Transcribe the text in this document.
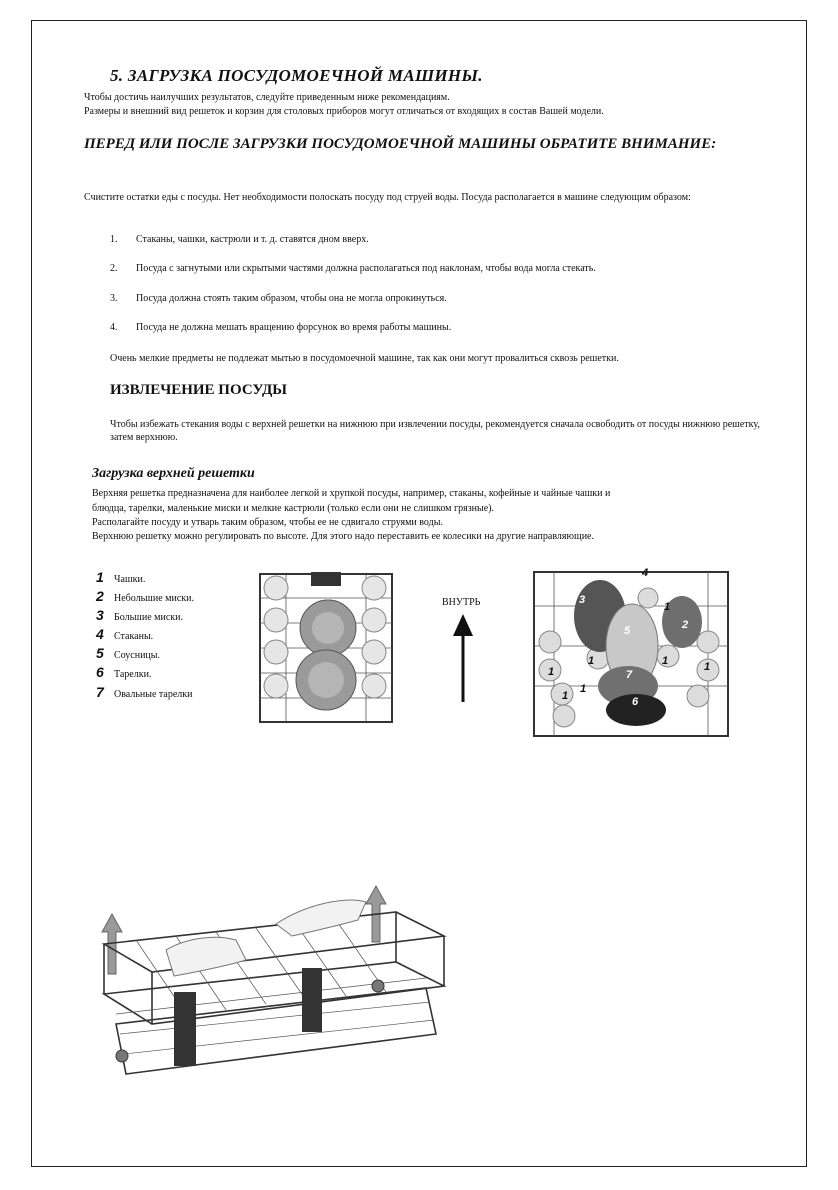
5. ЗАГРУЗКА ПОСУДОМОЕЧНОЙ МАШИНЫ.

Чтобы достичь наилучших результатов, следуйте приведенным ниже рекомендациям.

Размеры и внешний вид решеток и корзин для столовых приборов могут отличаться от входящих в состав Вашей модели.

ПЕРЕД ИЛИ ПОСЛЕ ЗАГРУЗКИ ПОСУДОМОЕЧНОЙ МАШИНЫ ОБРАТИТЕ ВНИМАНИЕ:

Счистите остатки еды с посуды. Нет необходимости полоскать посуду под струей воды. Посуда располагается в машине следующим образом:

1. Стаканы, чашки, кастрюли и т. д. ставятся дном вверх.
2. Посуда с загнутыми или скрытыми частями должна располагаться под наклонам, чтобы вода могла стекать.
3. Посуда должна стоять таким образом, чтобы она не могла опрокинуться.
4. Посуда не должна мешать вращению форсунок во время работы машины.

Очень мелкие предметы не подлежат мытью в посудомоечной машине, так как они могут провалиться сквозь решетки.

ИЗВЛЕЧЕНИЕ ПОСУДЫ

Чтобы избежать стекания воды с верхней решетки на нижнюю при извлечении посуды, рекомендуется сначала освободить от посуды нижнюю решетку, затем верхнюю.

Загрузка верхней решетки

Верхняя решетка предназначена для наиболее легкой и хрупкой посуды, например, стаканы, кофейные и чайные чашки и

блюдца, тарелки, маленькие миски и мелкие кастрюли (только если они не слишком грязные).

Располагайте посуду и утварь таким образом, чтобы ее не сдвигало струями воды.

Верхнюю решетку можно регулировать по высоте. Для этого надо переставить ее колесики на другие направляющие.

1 Чашки.
2 Небольшие миски.
3 Большие миски.
4 Стаканы.
5 Соусницы.
6 Тарелки.
7 Овальные тарелки
ВНУТРЬ
4
3
1
2
5
1
1	1	1
1
7
1
6
4
